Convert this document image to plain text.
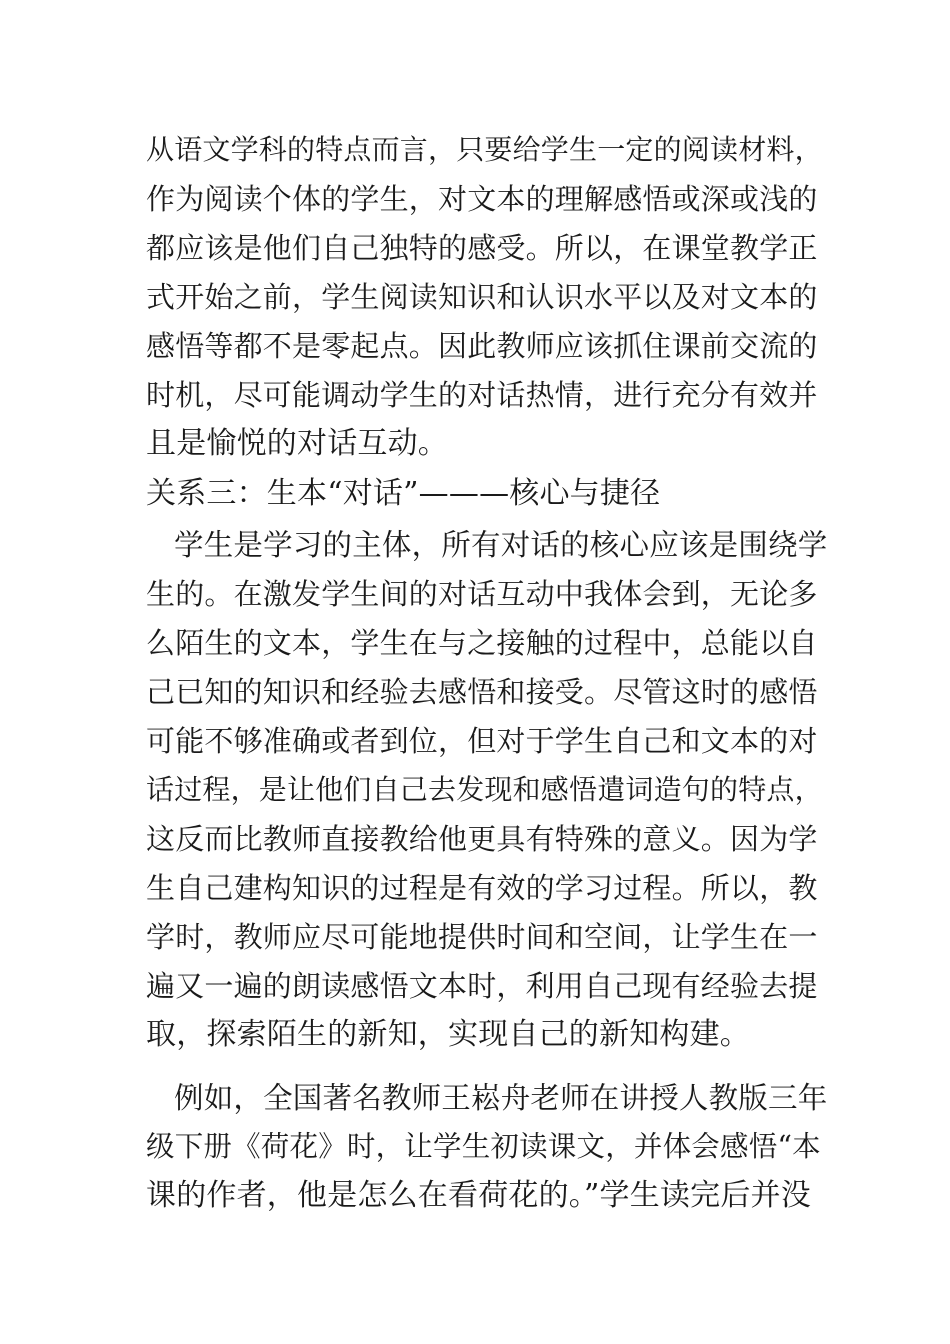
从语文学科的特点而言，只要给学生一定的阅读材料，
作为阅读个体的学生，对文本的理解感悟或深或浅的
都应该是他们自己独特的感受。所以，在课堂教学正
式开始之前，学生阅读知识和认识水平以及对文本的
感悟等都不是零起点。因此教师应该抓住课前交流的
时机，尽可能调动学生的对话热情，进行充分有效并
且是愉悦的对话互动。
关系三：生本“对话”———核心与捷径
学生是学习的主体，所有对话的核心应该是围绕学
生的。在激发学生间的对话互动中我体会到，无论多
么陌生的文本，学生在与之接触的过程中，总能以自
己已知的知识和经验去感悟和接受。尽管这时的感悟
可能不够准确或者到位，但对于学生自己和文本的对
话过程，是让他们自己去发现和感悟遣词造句的特点，
这反而比教师直接教给他更具有特殊的意义。因为学
生自己建构知识的过程是有效的学习过程。所以，教
学时，教师应尽可能地提供时间和空间，让学生在一
遍又一遍的朗读感悟文本时，利用自己现有经验去提
取，探索陌生的新知，实现自己的新知构建。
例如，全国著名教师王崧舟老师在讲授人教版三年
级下册《荷花》时，让学生初读课文，并体会感悟“本
课的作者，他是怎么在看荷花的。”学生读完后并没
